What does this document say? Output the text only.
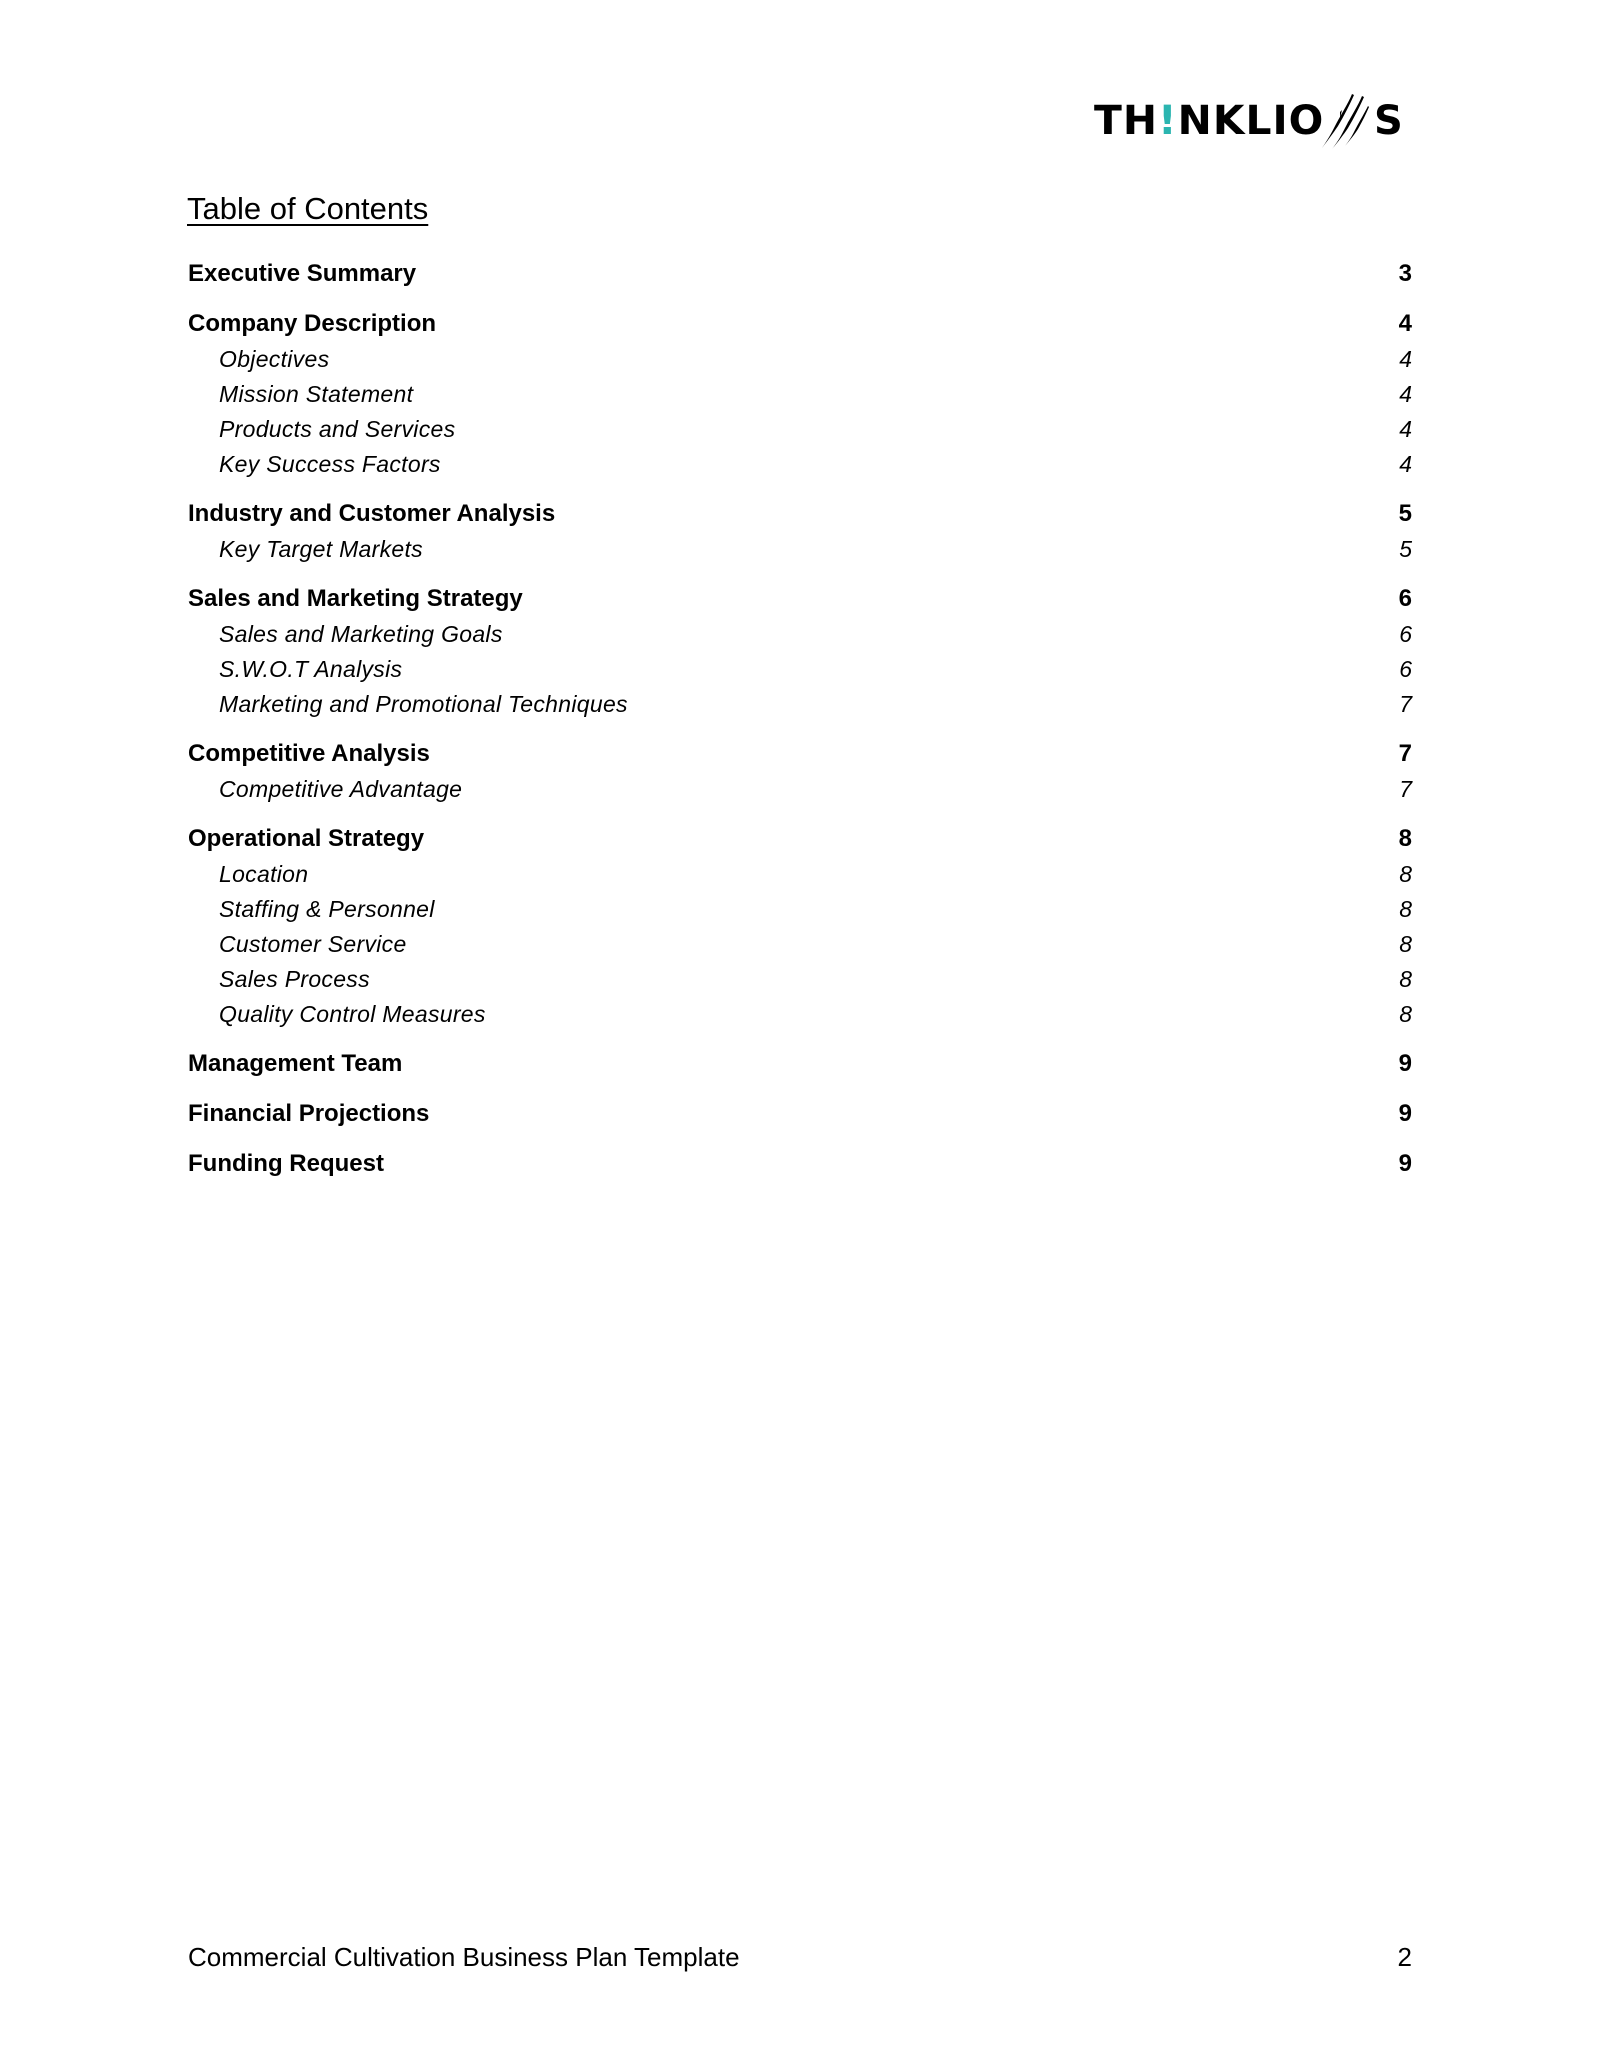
TH!NKLIO S
Table of Contents
Executive Summary	3
Company Description	4
Objectives	4
Mission Statement	4
Products and Services	4
Key Success Factors	4
Industry and Customer Analysis	5
Key Target Markets	5
Sales and Marketing Strategy	6
Sales and Marketing Goals	6
S.W.O.T Analysis	6
Marketing and Promotional Techniques	7
Competitive Analysis	7
Competitive Advantage	7
Operational Strategy	8
Location	8
Staffing & Personnel	8
Customer Service	8
Sales Process	8
Quality Control Measures	8
Management Team	9
Financial Projections	9
Funding Request	9
Commercial Cultivation Business Plan Template	2
